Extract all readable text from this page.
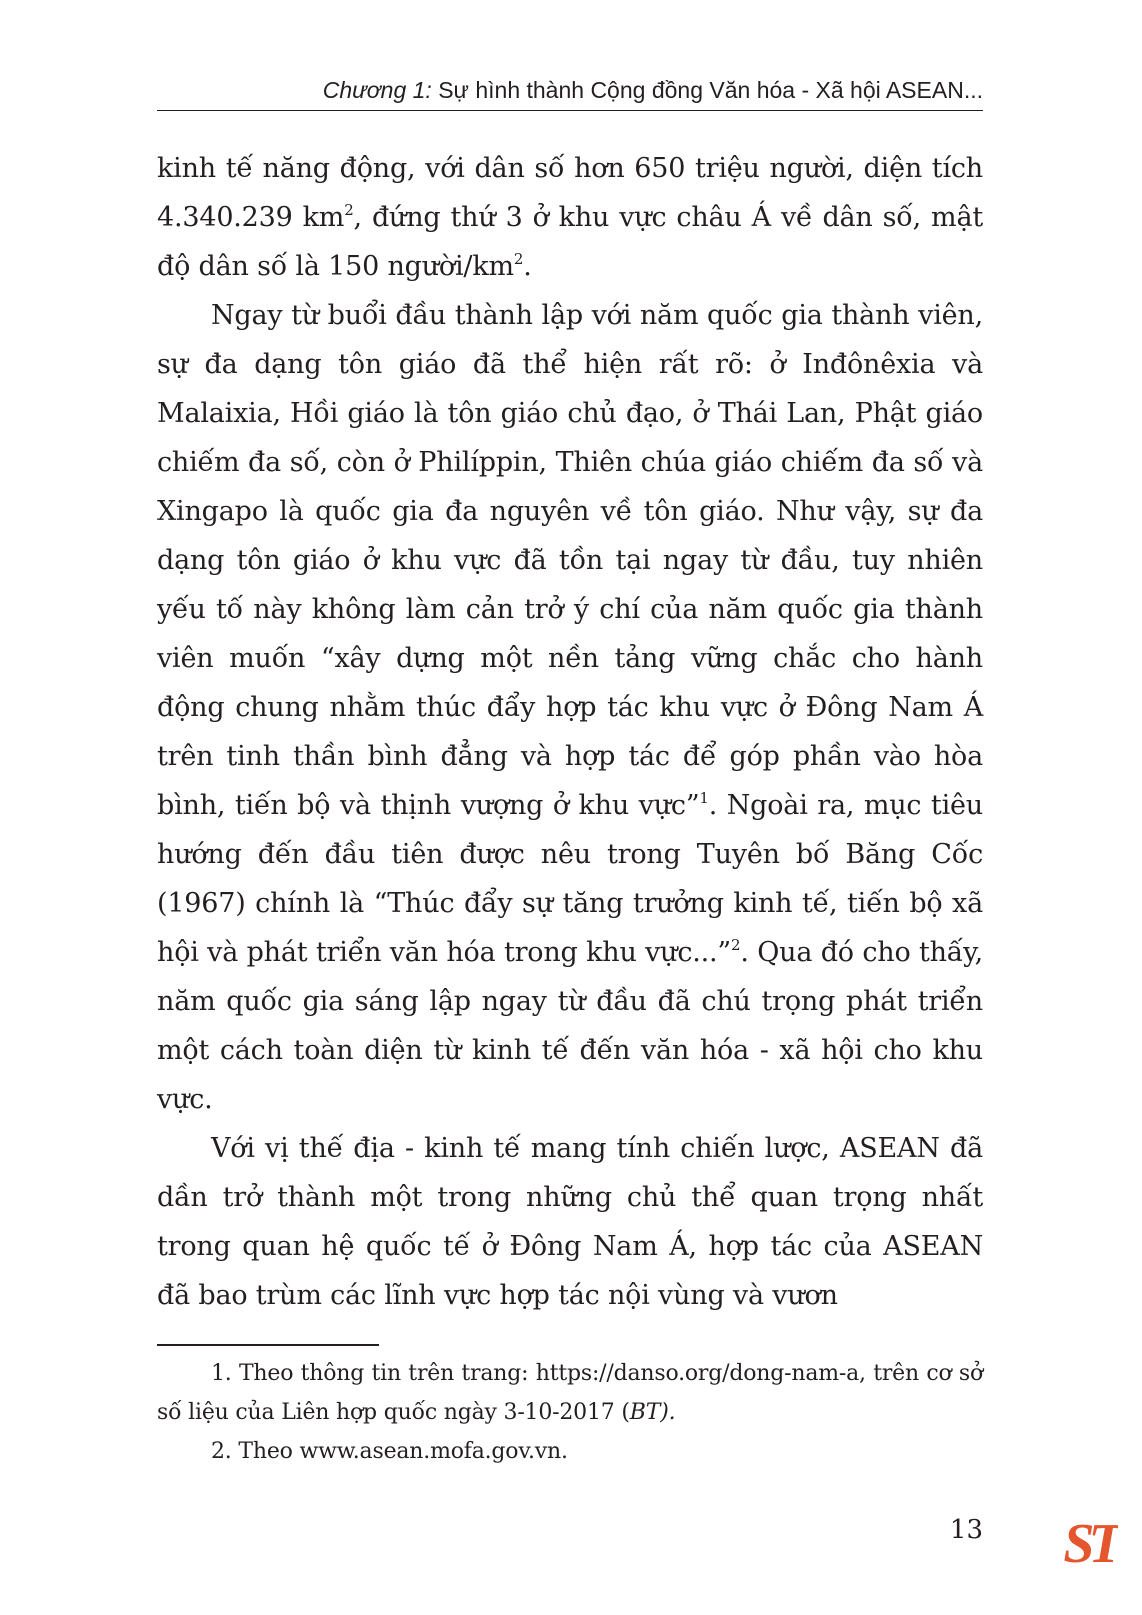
Chương 1: Sự hình thành Cộng đồng Văn hóa - Xã hội ASEAN...

kinh tế năng động, với dân số hơn 650 triệu người, diện tích 4.340.239 km$^2$, đứng thứ 3 ở khu vực châu Á về dân số, mật độ dân số là 150 người/km$^2$.

Ngay từ buổi đầu thành lập với năm quốc gia thành viên, sự đa dạng tôn giáo đã thể hiện rất rõ: ở Inđônêxia và Malaixia, Hồi giáo là tôn giáo chủ đạo, ở Thái Lan, Phật giáo chiếm đa số, còn ở Philíppin, Thiên chúa giáo chiếm đa số và Xingapo là quốc gia đa nguyên về tôn giáo. Như vậy, sự đa dạng tôn giáo ở khu vực đã tồn tại ngay từ đầu, tuy nhiên yếu tố này không làm cản trở ý chí của năm quốc gia thành viên muốn “xây dựng một nền tảng vững chắc cho hành động chung nhằm thúc đẩy hợp tác khu vực ở Đông Nam Á trên tinh thần bình đẳng và hợp tác để góp phần vào hòa bình, tiến bộ và thịnh vượng ở khu vực”$^1$. Ngoài ra, mục tiêu hướng đến đầu tiên được nêu trong Tuyên bố Băng Cốc (1967) chính là “Thúc đẩy sự tăng trưởng kinh tế, tiến bộ xã hội và phát triển văn hóa trong khu vực...”$^2$. Qua đó cho thấy, năm quốc gia sáng lập ngay từ đầu đã chú trọng phát triển một cách toàn diện từ kinh tế đến văn hóa - xã hội cho khu vực.

Với vị thế địa - kinh tế mang tính chiến lược, ASEAN đã dần trở thành một trong những chủ thể quan trọng nhất trong quan hệ quốc tế ở Đông Nam Á, hợp tác của ASEAN đã bao trùm các lĩnh vực hợp tác nội vùng và vươn

1. Theo thông tin trên trang: https://danso.org/dong-nam-a, trên cơ sở số liệu của Liên hợp quốc ngày 3-10-2017 (BT).

2. Theo www.asean.mofa.gov.vn.

13 ST
